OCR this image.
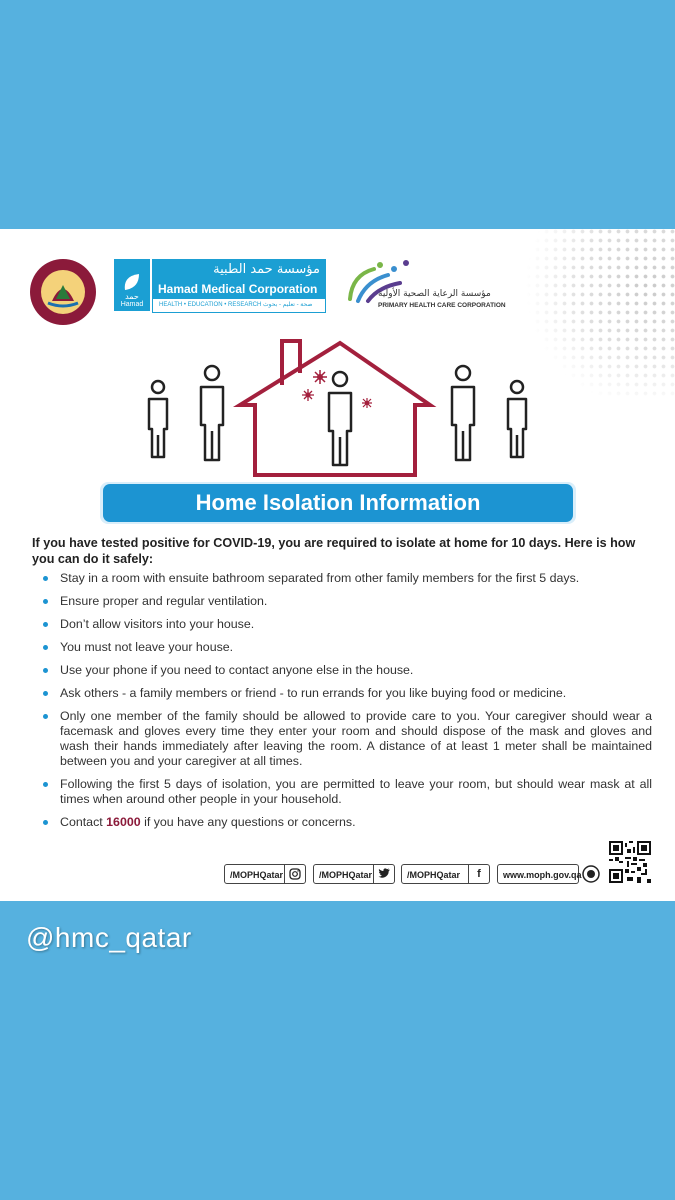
حمد
Hamad
مؤسسة حمد الطبية
Hamad Medical Corporation
HEALTH • EDUCATION • RESEARCH صحة - تعليم - بحوث
مؤسسة الرعاية الصحية الأولية
PRIMARY HEALTH CARE CORPORATION
Home Isolation Information

If you have tested positive for COVID-19, you are required to isolate at home for 10 days. Here is how you can do it safely:

Stay in a room with ensuite bathroom separated from other family members for the first 5 days.
Ensure proper and regular ventilation.
Don’t allow visitors into your house.
You must not leave your house.
Use your phone if you need to contact anyone else in the house.
Ask others - a family members or friend - to run errands for you like buying food or medicine.
Only one member of the family should be allowed to provide care to you. Your caregiver should wear a facemask and gloves every time they enter your room and should dispose of the mask and gloves and wash their hands immediately after leaving the room. A distance of at least 1 meter shall be maintained between you and your caregiver at all times.
Following the first 5 days of isolation, you are permitted to leave your room, but should wear mask at all times when around other people in your household.
Contact 16000 if you have any questions or concerns.
/MOPHQatar	/MOPHQatar	/MOPHQatar	f	www.moph.gov.qa
@hmc_qatar
